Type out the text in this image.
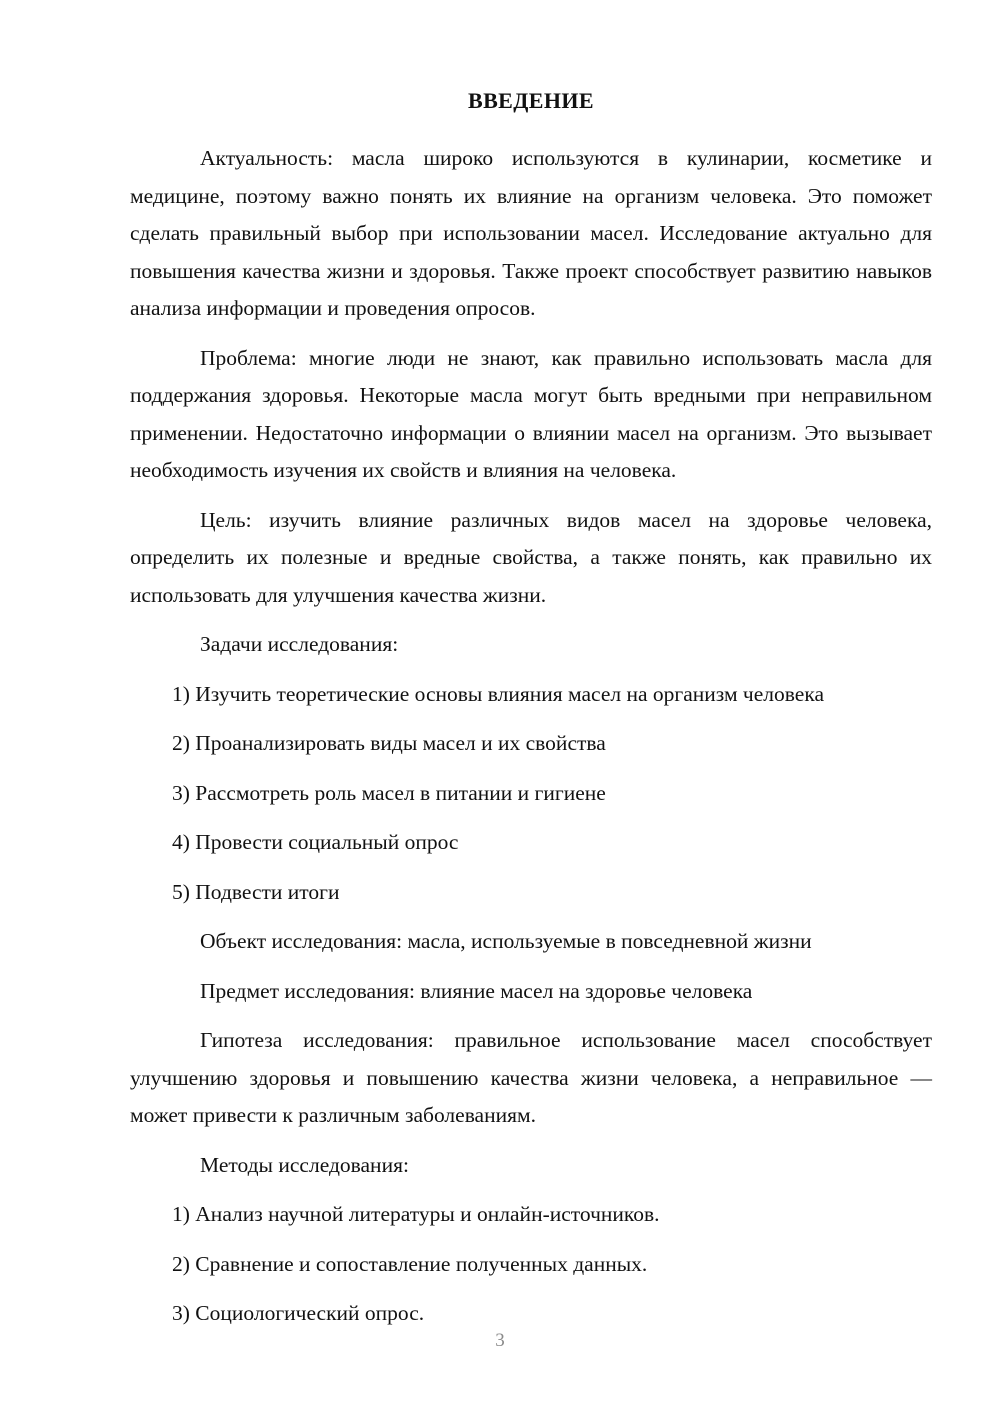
ВВЕДЕНИЕ

Актуальность: масла широко используются в кулинарии, косметике и медицине, поэтому важно понять их влияние на организм человека. Это поможет сделать правильный выбор при использовании масел. Исследование актуально для повышения качества жизни и здоровья. Также проект способствует развитию навыков анализа информации и проведения опросов.

Проблема: многие люди не знают, как правильно использовать масла для поддержания здоровья. Некоторые масла могут быть вредными при неправильном применении. Недостаточно информации о влиянии масел на организм. Это вызывает необходимость изучения их свойств и влияния на человека.

Цель: изучить влияние различных видов масел на здоровье человека, определить их полезные и вредные свойства, а также понять, как правильно их использовать для улучшения качества жизни.

Задачи исследования:

1) Изучить теоретические основы влияния масел на организм человека
2) Проанализировать виды масел и их свойства
3) Рассмотреть роль масел в питании и гигиене
4) Провести социальный опрос
5) Подвести итоги

Объект исследования: масла, используемые в повседневной жизни

Предмет исследования: влияние масел на здоровье человека

Гипотеза исследования: правильное использование масел способствует улучшению здоровья и повышению качества жизни человека, а неправильное — может привести к различным заболеваниям.

Методы исследования:

1) Анализ научной литературы и онлайн-источников.
2) Сравнение и сопоставление полученных данных.
3) Социологический опрос.
3
